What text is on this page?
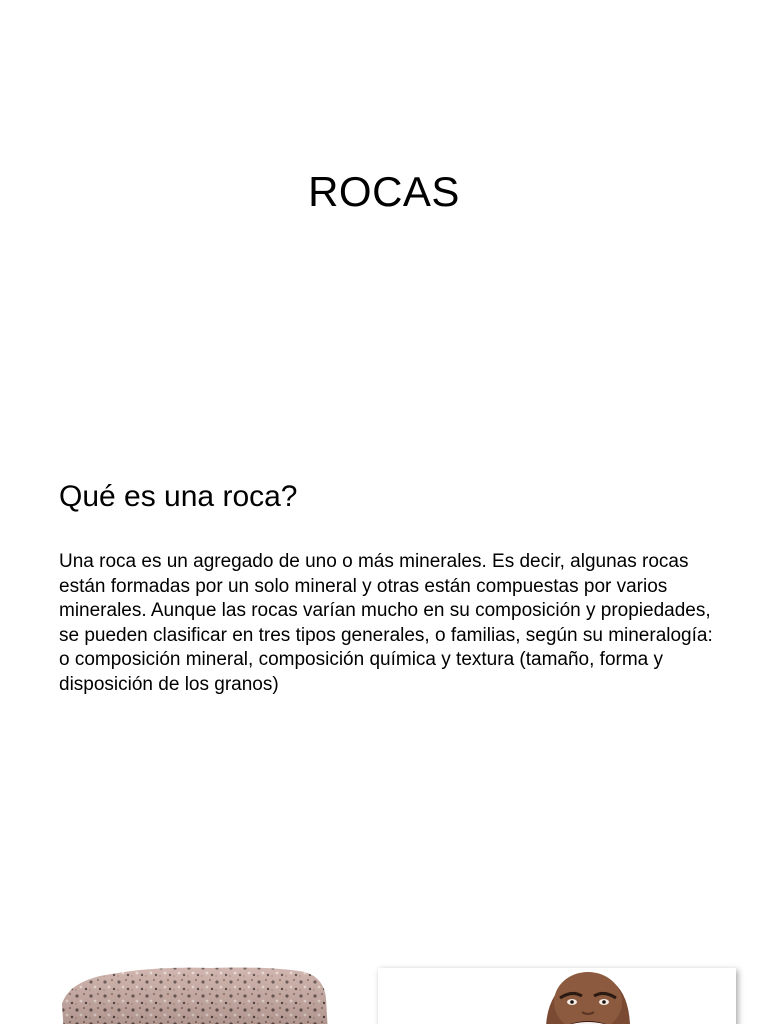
ROCAS
Qué es una roca?

Una roca es un agregado de uno o más minerales. Es decir, algunas rocas están formadas por un solo mineral y otras están compuestas por varios minerales. Aunque las rocas varían mucho en su composición y propiedades, se pueden clasificar en tres tipos generales, o familias, según su mineralogía: o composición mineral, composición química y textura (tamaño, forma y disposición de los granos)
